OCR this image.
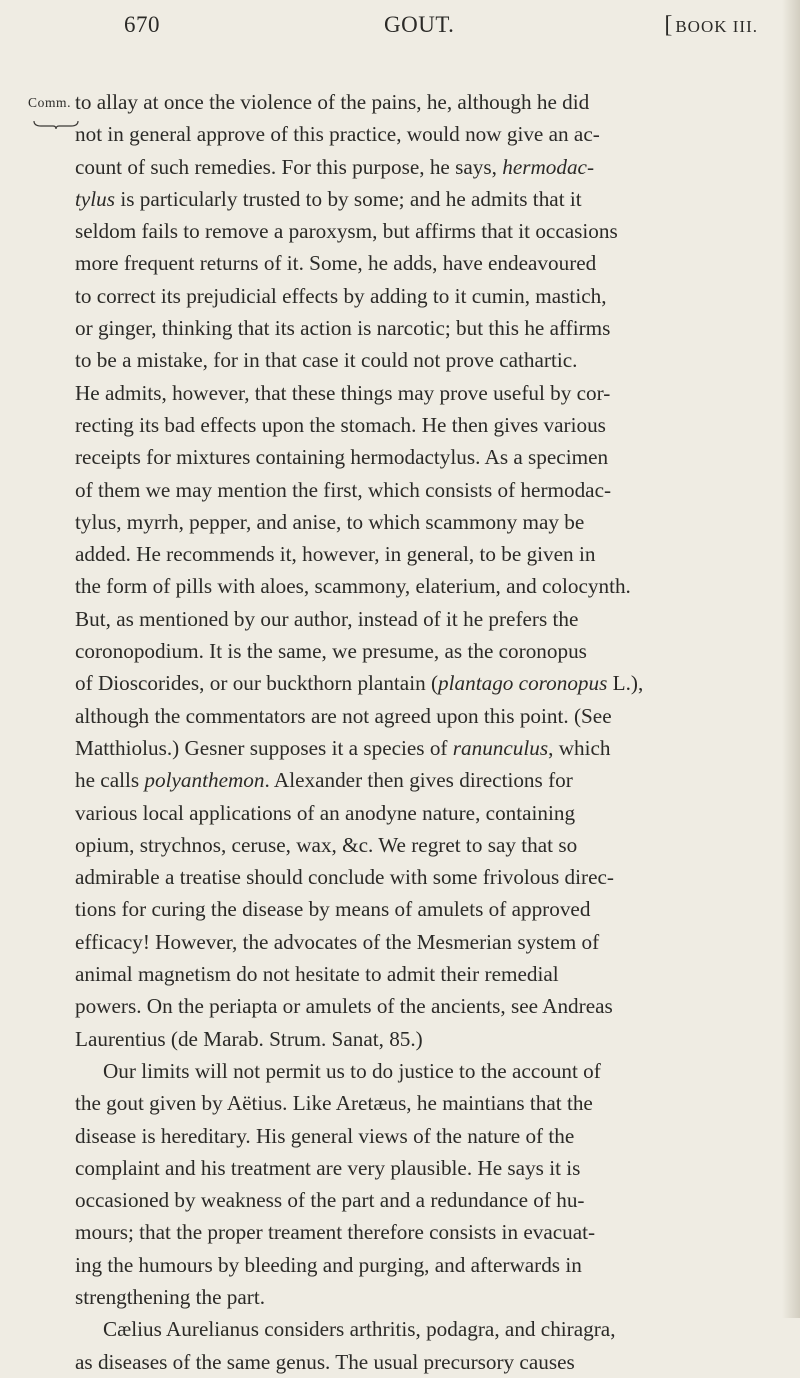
670	GOUT.	[ BOOK III.
Comm. to allay at once the violence of the pains, he, although he did
not in general approve of this practice, would now give an ac-
count of such remedies. For this purpose, he says, hermodac-
tylus is particularly trusted to by some; and he admits that it
seldom fails to remove a paroxysm, but affirms that it occasions
more frequent returns of it. Some, he adds, have endeavoured
to correct its prejudicial effects by adding to it cumin, mastich,
or ginger, thinking that its action is narcotic; but this he affirms
to be a mistake, for in that case it could not prove cathartic.
He admits, however, that these things may prove useful by cor-
recting its bad effects upon the stomach. He then gives various
receipts for mixtures containing hermodactylus. As a specimen
of them we may mention the first, which consists of hermodac-
tylus, myrrh, pepper, and anise, to which scammony may be
added. He recommends it, however, in general, to be given in
the form of pills with aloes, scammony, elaterium, and colocynth.
But, as mentioned by our author, instead of it he prefers the
coronopodium. It is the same, we presume, as the coronopus
of Dioscorides, or our buckthorn plantain (plantago coronopus L.),
although the commentators are not agreed upon this point. (See
Matthiolus.) Gesner supposes it a species of ranunculus, which
he calls polyanthemon. Alexander then gives directions for
various local applications of an anodyne nature, containing
opium, strychnos, ceruse, wax, &c. We regret to say that so
admirable a treatise should conclude with some frivolous direc-
tions for curing the disease by means of amulets of approved
efficacy! However, the advocates of the Mesmerian system of
animal magnetism do not hesitate to admit their remedial
powers. On the periapta or amulets of the ancients, see Andreas
Laurentius (de Marab. Strum. Sanat, 85.)
Our limits will not permit us to do justice to the account of
the gout given by Aëtius. Like Aretæus, he maintians that the
disease is hereditary. His general views of the nature of the
complaint and his treatment are very plausible. He says it is
occasioned by weakness of the part and a redundance of hu-
mours; that the proper treament therefore consists in evacuat-
ing the humours by bleeding and purging, and afterwards in
strengthening the part.
Cælius Aurelianus considers arthritis, podagra, and chiragra,
as diseases of the same genus. The usual precursory causes
